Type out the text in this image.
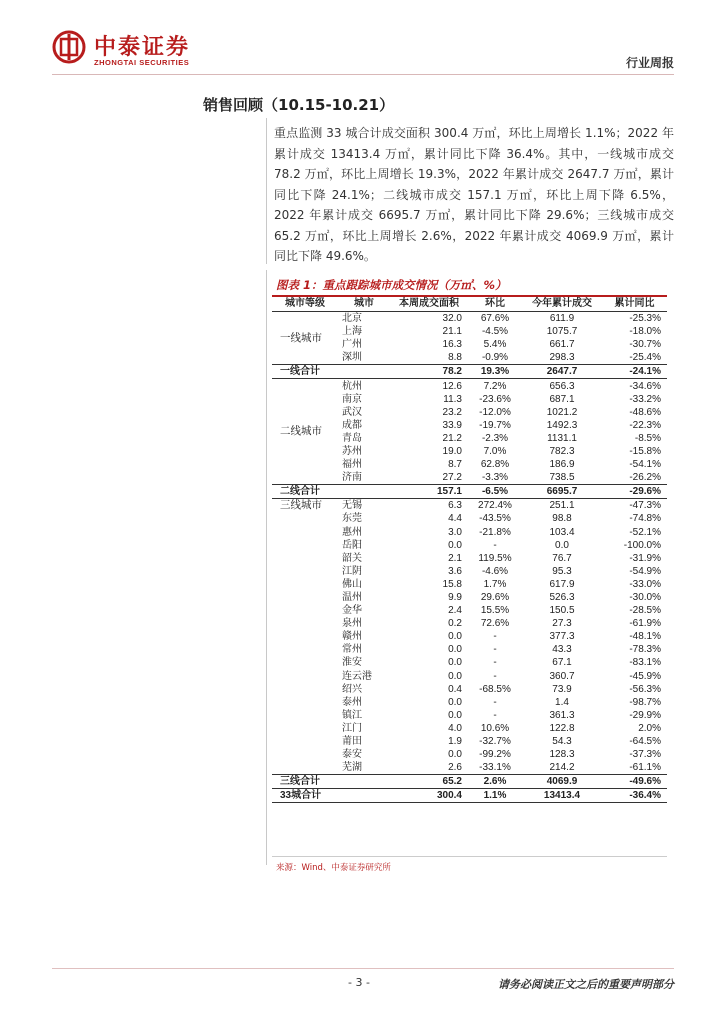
中泰证券
ZHONGTAI SECURITIES	行业周报
销售回顾（10.15-10.21）
重点监测 33 城合计成交面积 300.4 万㎡，环比上周增长 1.1%；2022 年累计成交 13413.4 万㎡，累计同比下降 36.4%。其中，一线城市成交 78.2 万㎡，环比上周增长 19.3%，2022 年累计成交 2647.7 万㎡，累计同比下降 24.1%；二线城市成交 157.1 万㎡，环比上周下降 6.5%，2022 年累计成交 6695.7 万㎡，累计同比下降 29.6%；三线城市成交 65.2 万㎡，环比上周增长 2.6%，2022 年累计成交 4069.9 万㎡，累计同比下降 49.6%。
图表 1：重点跟踪城市成交情况（万㎡、%）
城市等级	城市	本周成交面积	环比	今年累计成交	累计同比
一线城市	北京	32.0	67.6%	611.9	-25.3%
	上海	21.1	-4.5%	1075.7	-18.0%
	广州	16.3	5.4%	661.7	-30.7%
	深圳	8.8	-0.9%	298.3	-25.4%
一线合计		78.2	19.3%	2647.7	-24.1%
二线城市	杭州	12.6	7.2%	656.3	-34.6%
	南京	11.3	-23.6%	687.1	-33.2%
	武汉	23.2	-12.0%	1021.2	-48.6%
	成都	33.9	-19.7%	1492.3	-22.3%
	青岛	21.2	-2.3%	1131.1	-8.5%
	苏州	19.0	7.0%	782.3	-15.8%
	福州	8.7	62.8%	186.9	-54.1%
	济南	27.2	-3.3%	738.5	-26.2%
二线合计		157.1	-6.5%	6695.7	-29.6%
三线城市	无锡	6.3	272.4%	251.1	-47.3%
	东莞	4.4	-43.5%	98.8	-74.8%
	惠州	3.0	-21.8%	103.4	-52.1%
	岳阳	0.0	-	0.0	-100.0%
	韶关	2.1	119.5%	76.7	-31.9%
	江阴	3.6	-4.6%	95.3	-54.9%
	佛山	15.8	1.7%	617.9	-33.0%
	温州	9.9	29.6%	526.3	-30.0%
	金华	2.4	15.5%	150.5	-28.5%
	泉州	0.2	72.6%	27.3	-61.9%
	赣州	0.0	-	377.3	-48.1%
	常州	0.0	-	43.3	-78.3%
	淮安	0.0	-	67.1	-83.1%
	连云港	0.0	-	360.7	-45.9%
	绍兴	0.4	-68.5%	73.9	-56.3%
	泰州	0.0	-	1.4	-98.7%
	镇江	0.0	-	361.3	-29.9%
	江门	4.0	10.6%	122.8	2.0%
	莆田	1.9	-32.7%	54.3	-64.5%
	泰安	0.0	-99.2%	128.3	-37.3%
	芜湖	2.6	-33.1%	214.2	-61.1%
三线合计		65.2	2.6%	4069.9	-49.6%
33城合计		300.4	1.1%	13413.4	-36.4%
来源：Wind、中泰证券研究所
- 3 -	请务必阅读正文之后的重要声明部分
